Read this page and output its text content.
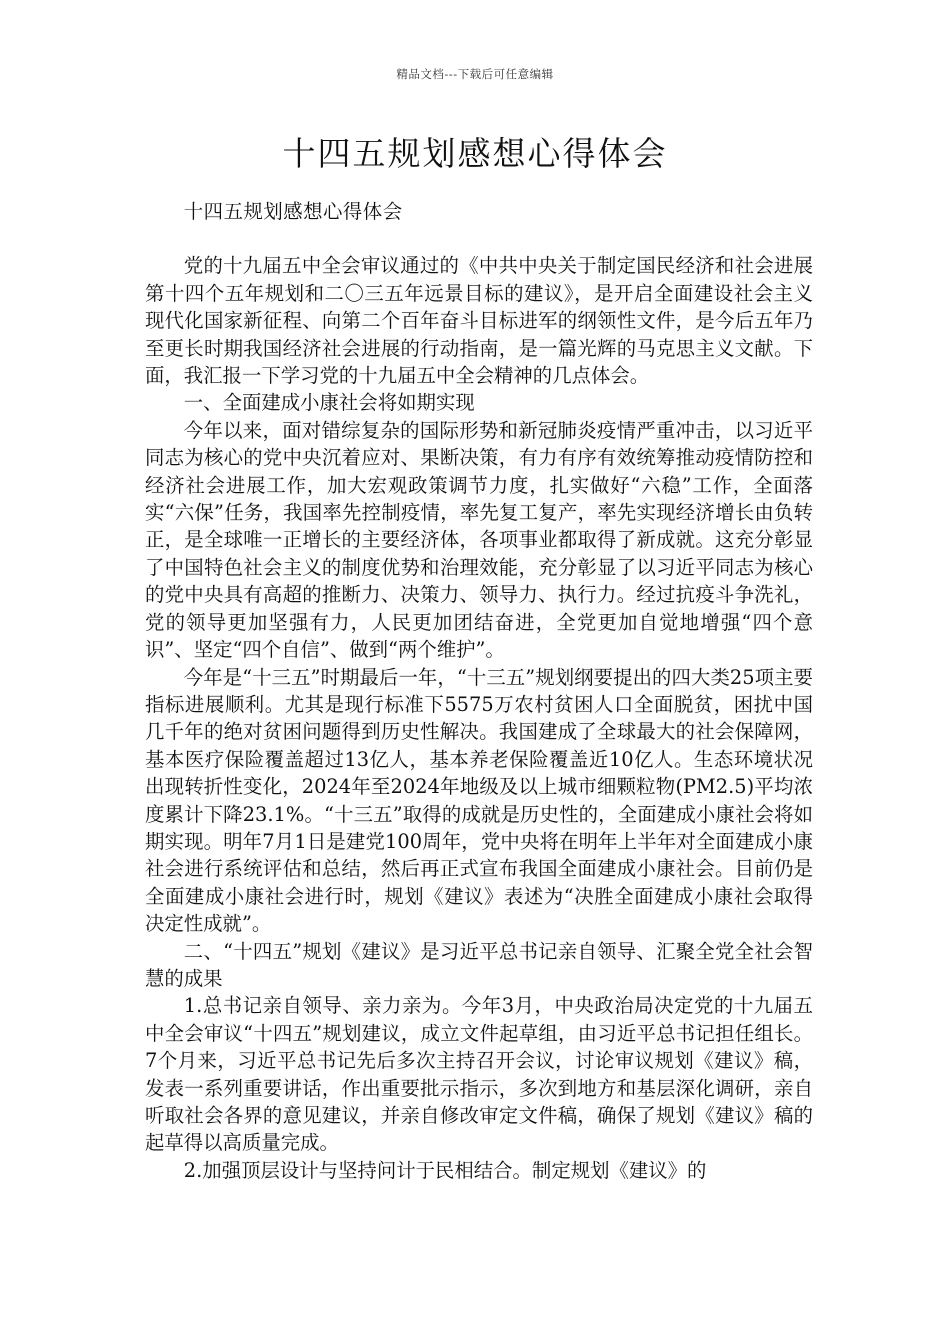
精品文档---下载后可任意编辑
十四五规划感想心得体会

十四五规划感想心得体会

党的十九届五中全会审议通过的《中共中央关于制定国民经济和社会进展第十四个五年规划和二〇三五年远景目标的建议》，是开启全面建设社会主义现代化国家新征程、向第二个百年奋斗目标进军的纲领性文件，是今后五年乃至更长时期我国经济社会进展的行动指南，是一篇光辉的马克思主义文献。下面，我汇报一下学习党的十九届五中全会精神的几点体会。

一、全面建成小康社会将如期实现

今年以来，面对错综复杂的国际形势和新冠肺炎疫情严重冲击，以习近平同志为核心的党中央沉着应对、果断决策，有力有序有效统筹推动疫情防控和经济社会进展工作，加大宏观政策调节力度，扎实做好“六稳”工作，全面落实“六保”任务，我国率先控制疫情，率先复工复产，率先实现经济增长由负转正，是全球唯一正增长的主要经济体，各项事业都取得了新成就。这充分彰显了中国特色社会主义的制度优势和治理效能，充分彰显了以习近平同志为核心的党中央具有高超的推断力、决策力、领导力、执行力。经过抗疫斗争洗礼，党的领导更加坚强有力，人民更加团结奋进，全党更加自觉地增强“四个意识”、坚定“四个自信”、做到“两个维护”。

今年是“十三五”时期最后一年，“十三五”规划纲要提出的四大类25项主要指标进展顺利。尤其是现行标准下5575万农村贫困人口全面脱贫，困扰中国几千年的绝对贫困问题得到历史性解决。我国建成了全球最大的社会保障网，基本医疗保险覆盖超过13亿人，基本养老保险覆盖近10亿人。生态环境状况出现转折性变化，2024年至2024年地级及以上城市细颗粒物(PM2.5)平均浓度累计下降23.1%。“十三五”取得的成就是历史性的，全面建成小康社会将如期实现。明年7月1日是建党100周年，党中央将在明年上半年对全面建成小康社会进行系统评估和总结，然后再正式宣布我国全面建成小康社会。目前仍是全面建成小康社会进行时，规划《建议》表述为“决胜全面建成小康社会取得决定性成就”。

二、“十四五”规划《建议》是习近平总书记亲自领导、汇聚全党全社会智慧的成果

1.总书记亲自领导、亲力亲为。今年3月，中央政治局决定党的十九届五中全会审议“十四五”规划建议，成立文件起草组，由习近平总书记担任组长。7个月来，习近平总书记先后多次主持召开会议，讨论审议规划《建议》稿，发表一系列重要讲话，作出重要批示指示，多次到地方和基层深化调研，亲自听取社会各界的意见建议，并亲自修改审定文件稿，确保了规划《建议》稿的起草得以高质量完成。

2.加强顶层设计与坚持问计于民相结合。制定规划《建议》的
